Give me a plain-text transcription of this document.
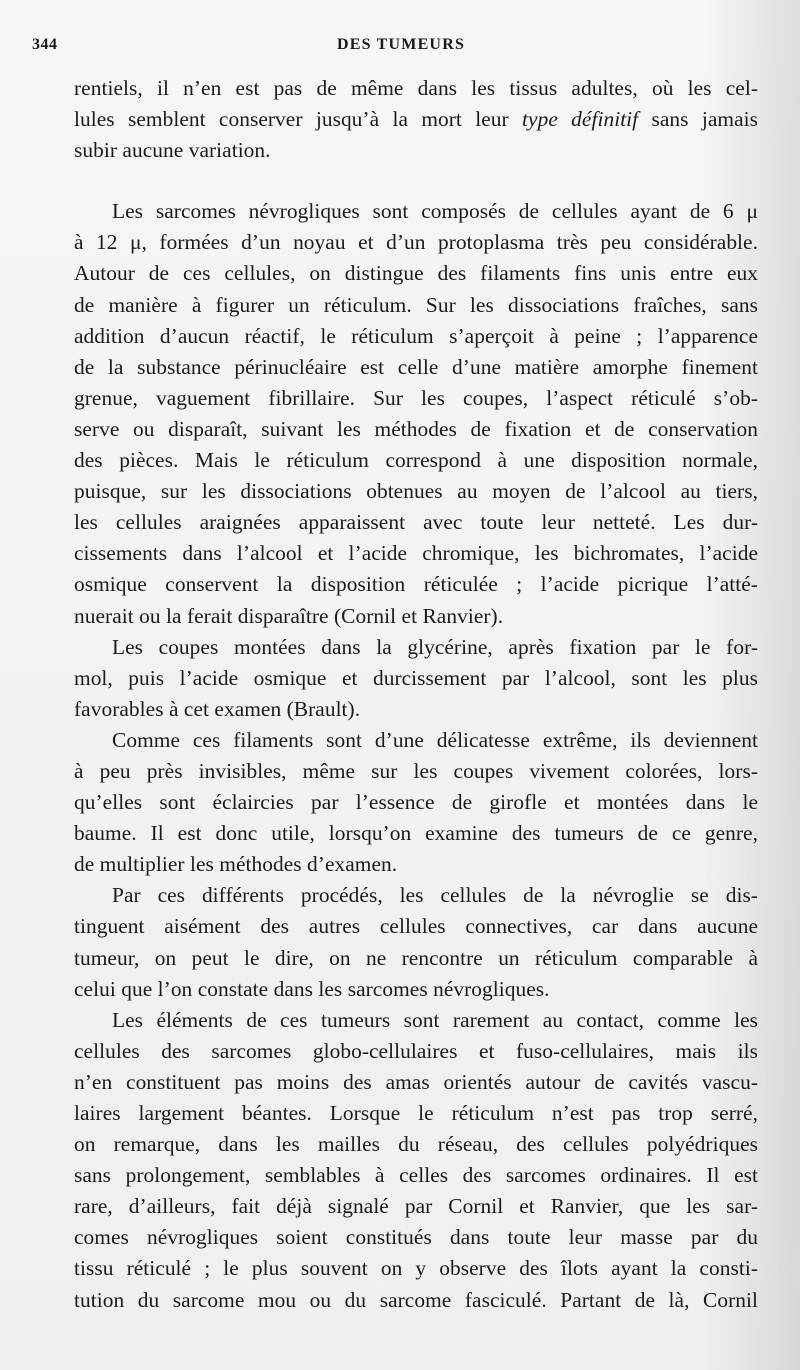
344	DES TUMEURS
rentiels, il n’en est pas de même dans les tissus adultes, où les cel-
lules semblent conserver jusqu’à la mort leur type définitif sans jamais
subir aucune variation.
Les sarcomes névrogliques sont composés de cellules ayant de 6 μ
à 12 μ, formées d’un noyau et d’un protoplasma très peu considérable.
Autour de ces cellules, on distingue des filaments fins unis entre eux
de manière à figurer un réticulum. Sur les dissociations fraîches, sans
addition d’aucun réactif, le réticulum s’aperçoit à peine ; l’apparence
de la substance périnucléaire est celle d’une matière amorphe finement
grenue, vaguement fibrillaire. Sur les coupes, l’aspect réticulé s’ob-
serve ou disparaît, suivant les méthodes de fixation et de conservation
des pièces. Mais le réticulum correspond à une disposition normale,
puisque, sur les dissociations obtenues au moyen de l’alcool au tiers,
les cellules araignées apparaissent avec toute leur netteté. Les dur-
cissements dans l’alcool et l’acide chromique, les bichromates, l’acide
osmique conservent la disposition réticulée ; l’acide picrique l’atté-
nuerait ou la ferait disparaître (Cornil et Ranvier).
Les coupes montées dans la glycérine, après fixation par le for-
mol, puis l’acide osmique et durcissement par l’alcool, sont les plus
favorables à cet examen (Brault).
Comme ces filaments sont d’une délicatesse extrême, ils deviennent
à peu près invisibles, même sur les coupes vivement colorées, lors-
qu’elles sont éclaircies par l’essence de girofle et montées dans le
baume. Il est donc utile, lorsqu’on examine des tumeurs de ce genre,
de multiplier les méthodes d’examen.
Par ces différents procédés, les cellules de la névroglie se dis-
tinguent aisément des autres cellules connectives, car dans aucune
tumeur, on peut le dire, on ne rencontre un réticulum comparable à
celui que l’on constate dans les sarcomes névrogliques.
Les éléments de ces tumeurs sont rarement au contact, comme les
cellules des sarcomes globo-cellulaires et fuso-cellulaires, mais ils
n’en constituent pas moins des amas orientés autour de cavités vascu-
laires largement béantes. Lorsque le réticulum n’est pas trop serré,
on remarque, dans les mailles du réseau, des cellules polyédriques
sans prolongement, semblables à celles des sarcomes ordinaires. Il est
rare, d’ailleurs, fait déjà signalé par Cornil et Ranvier, que les sar-
comes névrogliques soient constitués dans toute leur masse par du
tissu réticulé ; le plus souvent on y observe des îlots ayant la consti-
tution du sarcome mou ou du sarcome fasciculé. Partant de là, Cornil
